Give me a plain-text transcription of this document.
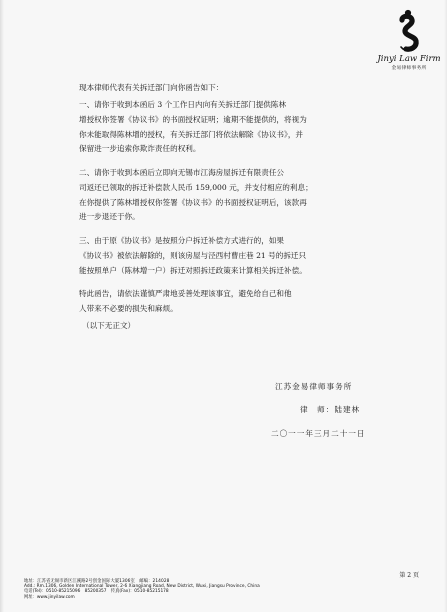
Jinyi Law Firm
金易律师事务所
现本律师代表有关拆迁部门向你函告如下：
一、请你于收到本函后 3 个工作日内向有关拆迁部门提供陈林
增授权你签署《协议书》的书面授权证明；逾期不能提供的，将视为
你未能取得陈林增的授权，有关拆迁部门将依法解除《协议书》，并
保留进一步追索你欺诈责任的权利。
二、请你于收到本函后立即向无锡市江海房屋拆迁有限责任公
司返还已领取的拆迁补偿款人民币 159,000 元，并支付相应的利息；
在你提供了陈林增授权你签署《协议书》的书面授权证明后，该款再
进一步退还于你。
三、由于原《协议书》是按照分户拆迁补偿方式进行的，如果
《协议书》被依法解除的，则该房屋与泾西村曹庄巷 21 号的拆迁只
能按照单户（陈林增一户）拆迁对照拆迁政策来计算相关拆迁补偿。
特此函告，请依法谨慎严肃地妥善处理该事宜，避免给自己和他
人带来不必要的损失和麻烦。
（以下无正文）
江苏金易律师事务所
律　师：陆建林
二〇一一年三月二十一日
第 2 页
地址：江苏省无锡市新区江溪路2号创金国际大厦1306室　邮编：214028
Add.: Rm.1306, Golden International Tower, 2-6 Xiangjiang Road, New District, Wuxi, Jiangsu Province, China
电话(Tel)：0510-85215096　85200357　传真(Fax)：0510-85215178
网址：www.jinyilaw.com
